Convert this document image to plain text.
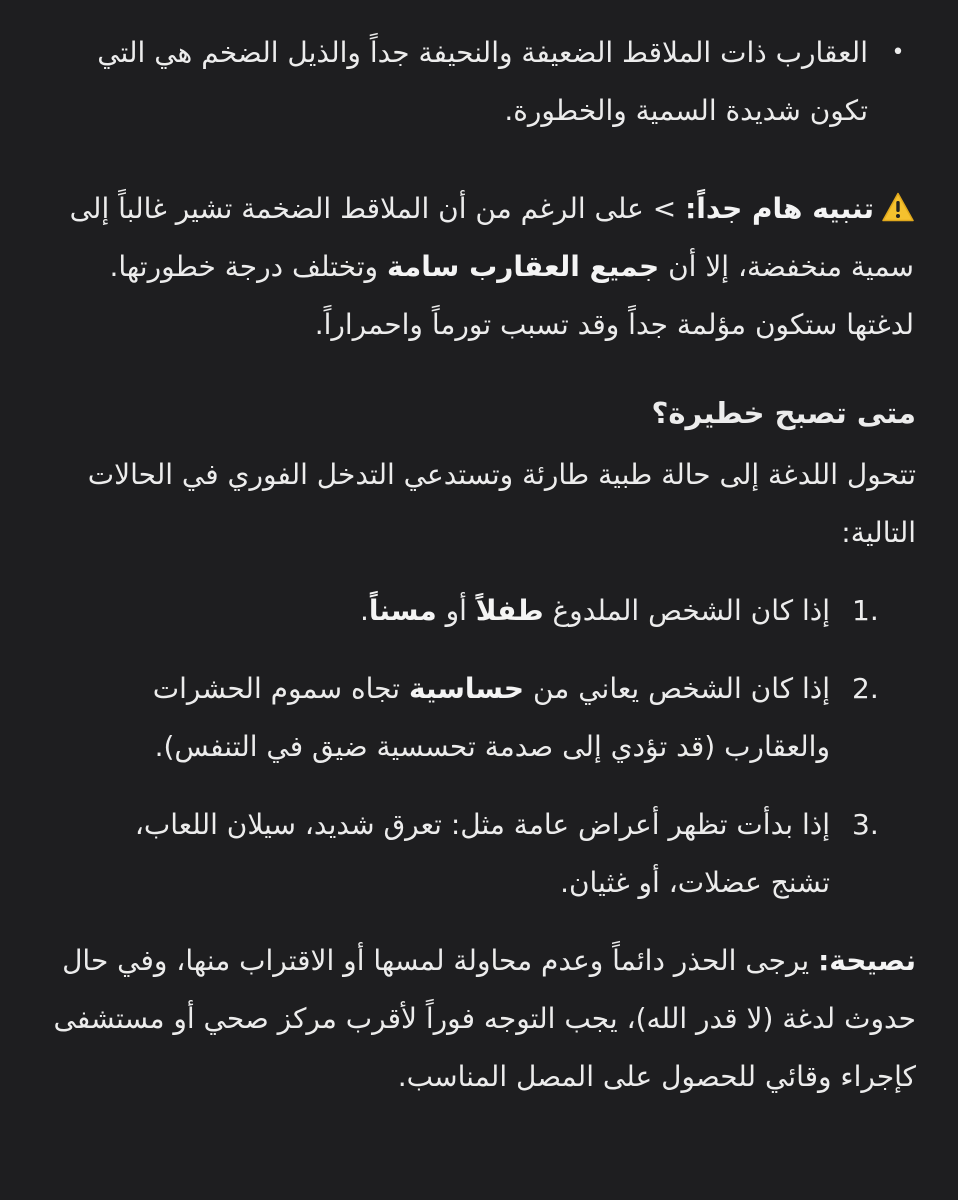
•

العقارب ذات الملاقط الضعيفة والنحيفة جداً والذيل الضخم هي التي تكون شديدة السمية والخطورة.

تنبيه هام جداً: > على الرغم من أن الملاقط الضخمة تشير غالباً إلى سمية منخفضة، إلا أن جميع العقارب سامة وتختلف درجة خطورتها. لدغتها ستكون مؤلمة جداً وقد تسبب تورماً واحمراراً.

متى تصبح خطيرة؟

تتحول اللدغة إلى حالة طبية طارئة وتستدعي التدخل الفوري في الحالات التالية:

1.
إذا كان الشخص الملدوغ طفلاً أو مسناً.
2.
إذا كان الشخص يعاني من حساسية تجاه سموم الحشرات والعقارب (قد تؤدي إلى صدمة تحسسية ضيق في التنفس).
3.
إذا بدأت تظهر أعراض عامة مثل: تعرق شديد، سيلان اللعاب، تشنج عضلات، أو غثيان.

نصيحة: يرجى الحذر دائماً وعدم محاولة لمسها أو الاقتراب منها، وفي حال حدوث لدغة (لا قدر الله)، يجب التوجه فوراً لأقرب مركز صحي أو مستشفى كإجراء وقائي للحصول على المصل المناسب.
